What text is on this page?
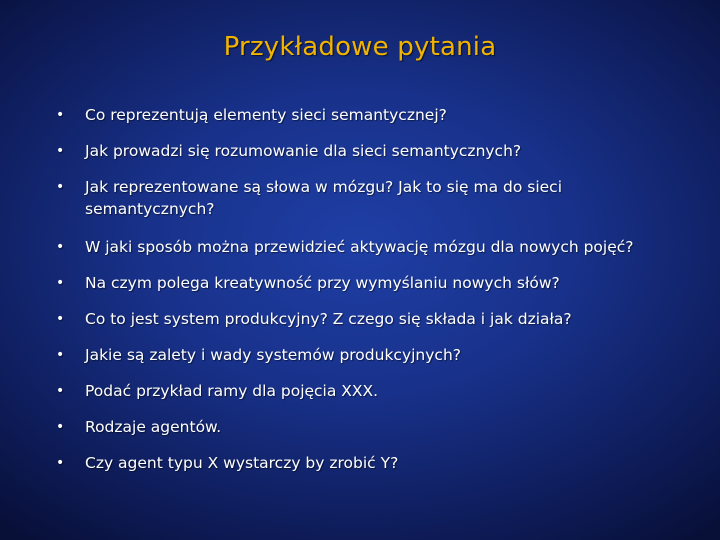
Przykładowe pytania
•	Co reprezentują elementy sieci semantycznej?
•	Jak prowadzi się rozumowanie dla sieci semantycznych?
•	Jak reprezentowane są słowa w mózgu? Jak to się ma do sieci semantycznych?
•	W jaki sposób można przewidzieć aktywację mózgu dla nowych pojęć?
•	Na czym polega kreatywność przy wymyślaniu nowych słów?
•	Co to jest system produkcyjny? Z czego się składa i jak działa?
•	Jakie są zalety i wady systemów produkcyjnych?
•	Podać przykład ramy dla pojęcia XXX.
•	Rodzaje agentów.
•	Czy agent typu X wystarczy by zrobić Y?
